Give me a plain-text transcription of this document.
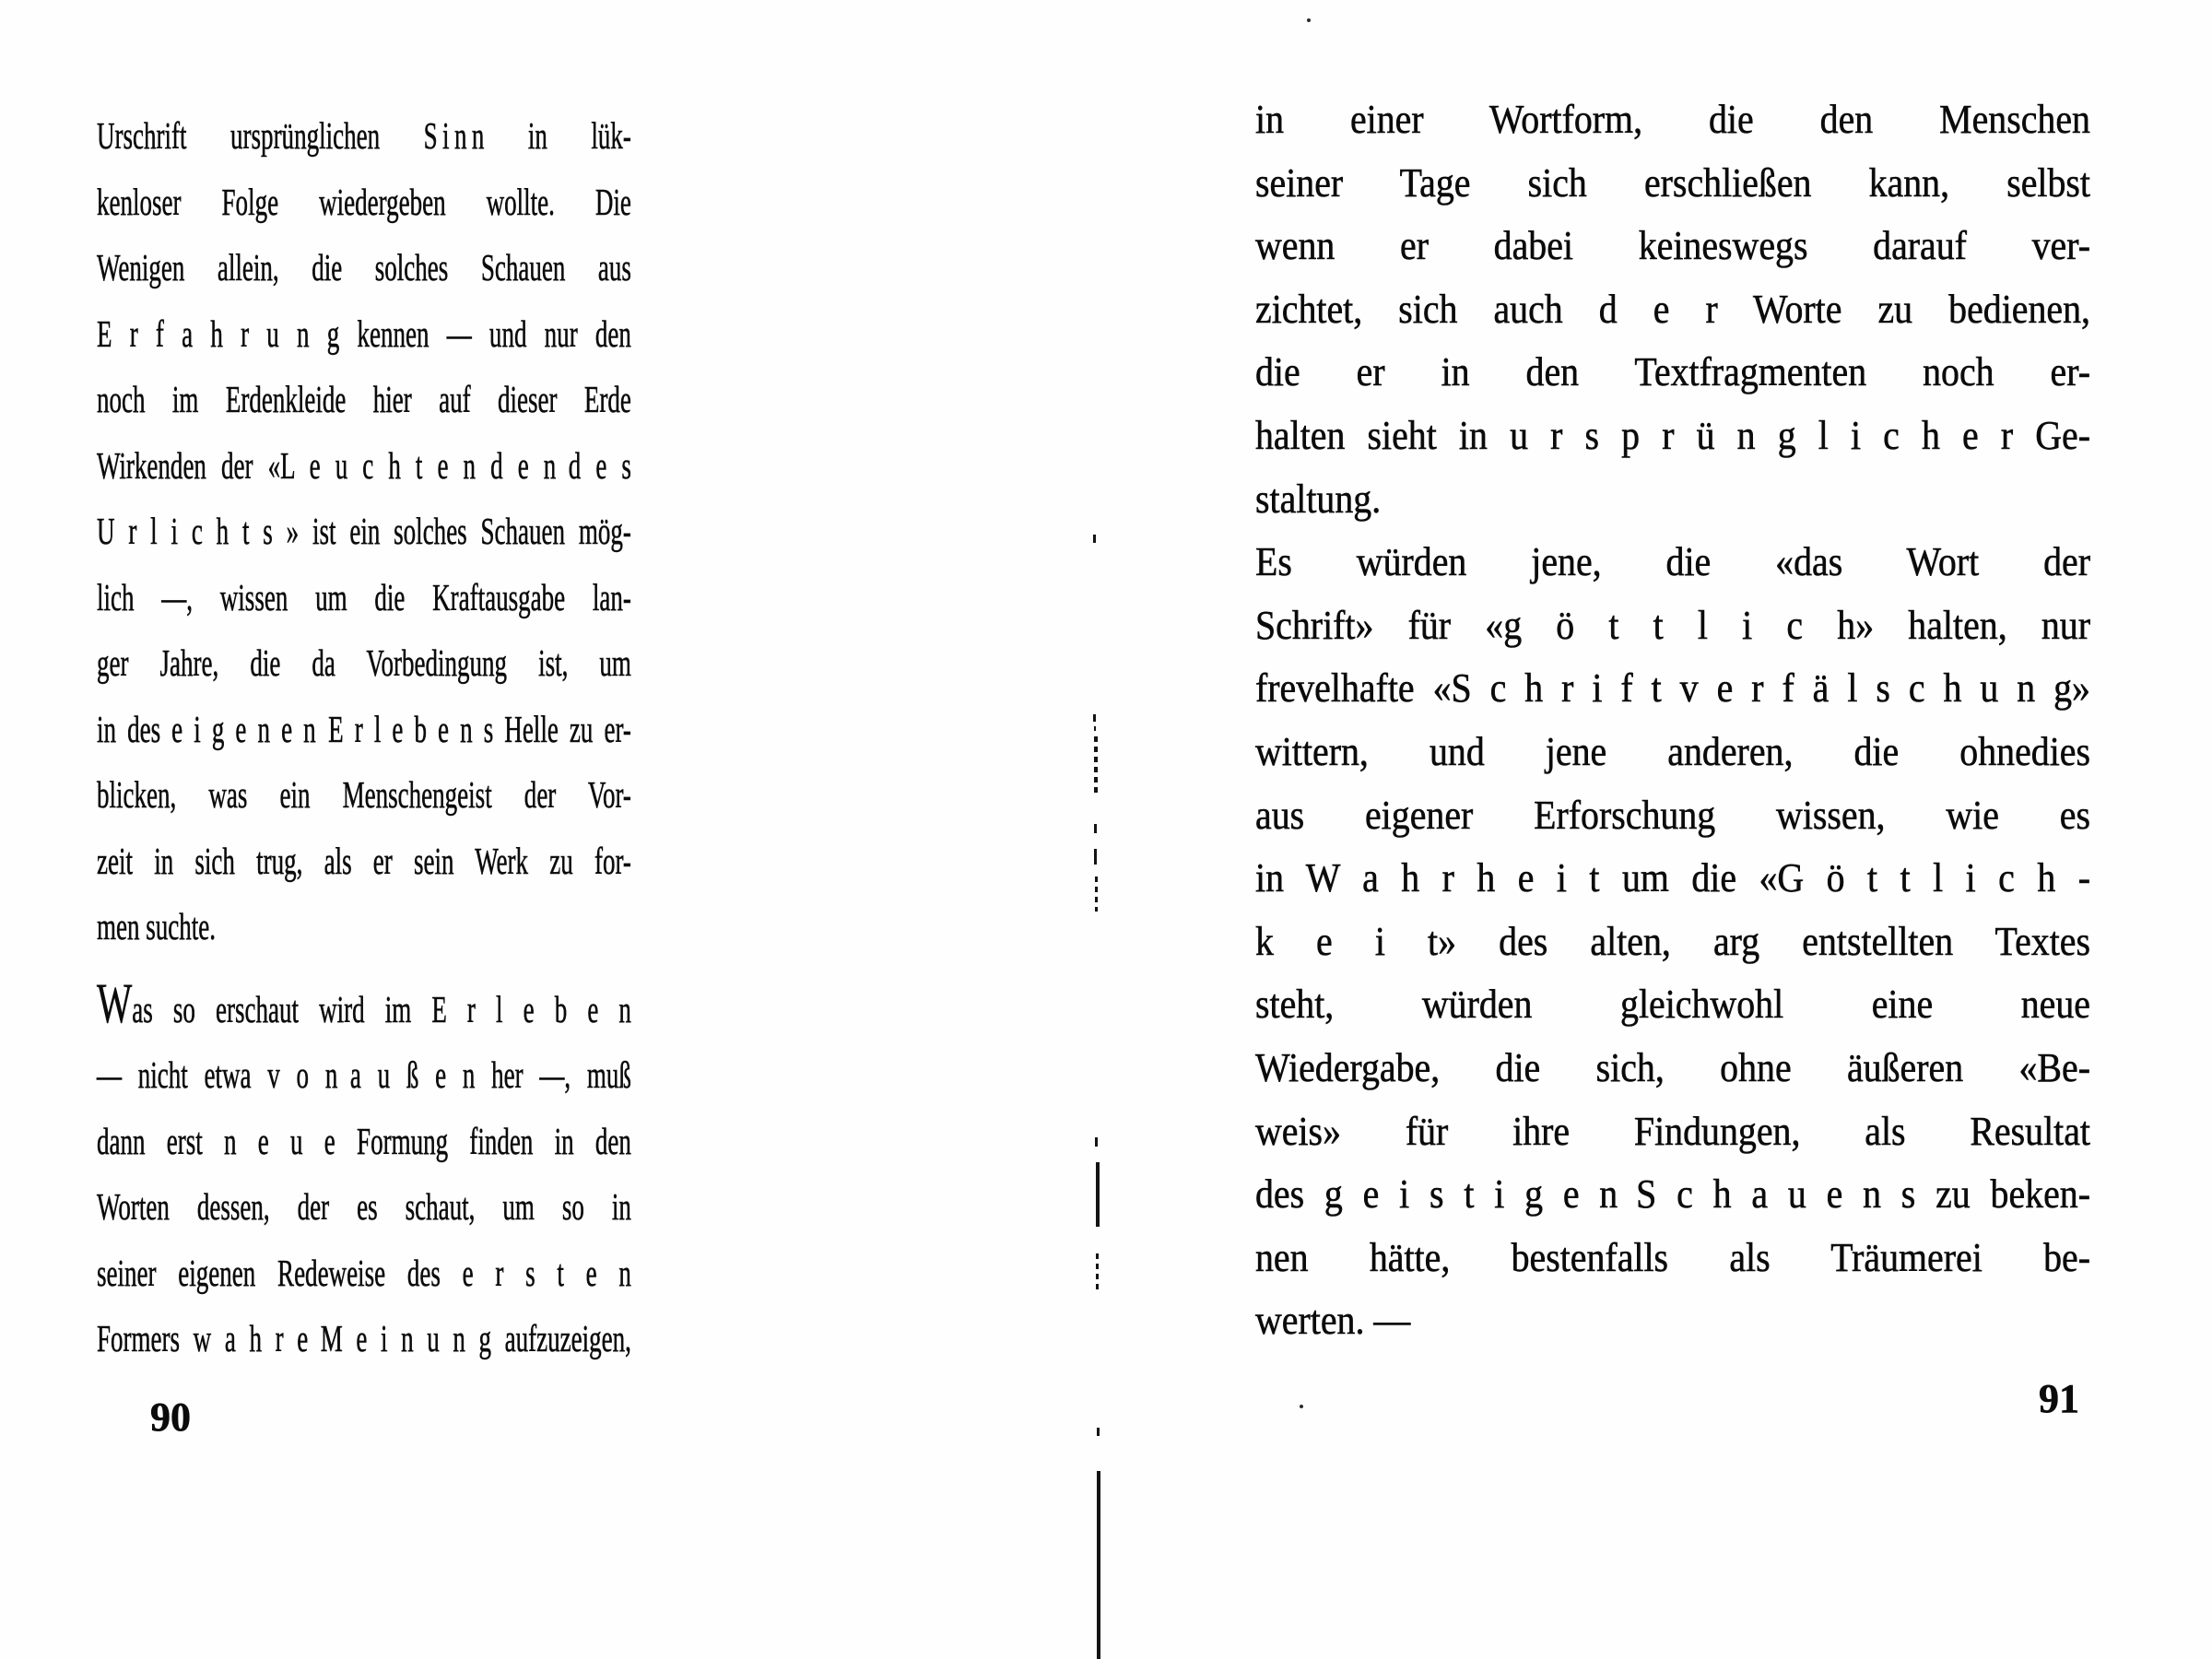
Urschrift ursprünglichen S i n n in lük-
kenloser Folge wiedergeben wollte. Die
Wenigen allein, die solches Schauen aus
E r f a h r u n g kennen — und nur den
noch im Erdenkleide hier auf dieser Erde
Wirkenden der «L e u c h t e n d e n d e s
U r l i c h t s » ist ein solches Schauen mög-
lich —, wissen um die Kraftausgabe lan-
ger Jahre, die da Vorbedingung ist, um
in des e i g e n e n E r l e b e n s Helle zu er-
blicken, was ein Menschengeist der Vor-
zeit in sich trug, als er sein Werk zu for-
men suchte.
Was so erschaut wird im E r l e b e n
— nicht etwa v o n a u ß e n her —, muß
dann erst n e u e Formung finden in den
Worten dessen, der es schaut, um so in
seiner eigenen Redeweise des e r s t e n
Formers w a h r e M e i n u n g aufzuzeigen,
in einer Wortform, die den Menschen
seiner Tage sich erschließen kann, selbst
wenn er dabei keineswegs darauf ver-
zichtet, sich auch d e r Worte zu bedienen,
die er in den Textfragmenten noch er-
halten sieht in u r s p r ü n g l i c h e r Ge-
staltung.
Es würden jene, die «das Wort der
Schrift» für «g ö t t l i c h» halten, nur
frevelhafte «S c h r i f t v e r f ä l s c h u n g»
wittern, und jene anderen, die ohnedies
aus eigener Erforschung wissen, wie es
in W a h r h e i t um die «G ö t t l i c h -
k e i t» des alten, arg entstellten Textes
steht, würden gleichwohl eine neue
Wiedergabe, die sich, ohne äußeren «Be-
weis» für ihre Findungen, als Resultat
des g e i s t i g e n S c h a u e n s zu beken-
nen hätte, bestenfalls als Träumerei be-
werten. —
90	91
